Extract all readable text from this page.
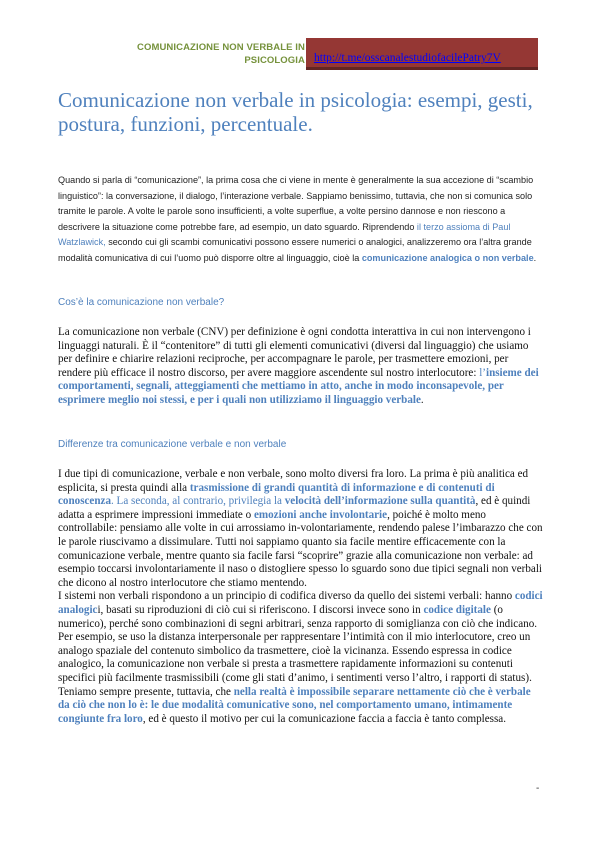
COMUNICAZIONE NON VERBALE IN
PSICOLOGIA http://t.me/osscanalestudiofacilePatry7V
Comunicazione non verbale in psicologia: esempi, gesti, postura, funzioni, percentuale.

Quando si parla di “comunicazione”, la prima cosa che ci viene in mente è generalmente la sua accezione di “scambio linguistico”: la conversazione, il dialogo, l’interazione verbale. Sappiamo benissimo, tuttavia, che non si comunica solo tramite le parole. A volte le parole sono insufficienti, a volte superflue, a volte persino dannose e non riescono a descrivere la situazione come potrebbe fare, ad esempio, un dato sguardo. Riprendendo il terzo assioma di Paul Watzlawick, secondo cui gli scambi comunicativi possono essere numerici o analogici, analizzeremo ora l’altra grande modalità comunicativa di cui l’uomo può disporre oltre al linguaggio, cioè la comunicazione analogica o non verbale.

Cos’è la comunicazione non verbale?

La comunicazione non verbale (CNV) per definizione è ogni condotta interattiva in cui non intervengono i linguaggi naturali. È il “contenitore” di tutti gli elementi comunicativi (diversi dal linguaggio) che usiamo per definire e chiarire relazioni reciproche, per accompagnare le parole, per trasmettere emozioni, per rendere più efficace il nostro discorso, per avere maggiore ascendente sul nostro interlocutore: l’insieme dei comportamenti, segnali, atteggiamenti che mettiamo in atto, anche in modo inconsapevole, per esprimere meglio noi stessi, e per i quali non utilizziamo il linguaggio verbale.

Differenze tra comunicazione verbale e non verbale
I due tipi di comunicazione, verbale e non verbale, sono molto diversi fra loro. La prima è più analitica ed esplicita, si presta quindi alla trasmissione di grandi quantità di informazione e di contenuti di conoscenza. La seconda, al contrario, privilegia la velocità dell’informazione sulla quantità, ed è quindi adatta a esprimere impressioni immediate o emozioni anche involontarie, poiché è molto meno controllabile: pensiamo alle volte in cui arrossiamo in-volontariamente, rendendo palese l’imbarazzo che con le parole riuscivamo a dissimulare. Tutti noi sappiamo quanto sia facile mentire efficacemente con la comunicazione verbale, mentre quanto sia facile farsi “scoprire” grazie alla comunicazione non verbale: ad esempio toccarsi involontariamente il naso o distogliere spesso lo sguardo sono due tipici segnali non verbali che dicono al nostro interlocutore che stiamo mentendo.
I sistemi non verbali rispondono a un principio di codifica diverso da quello dei sistemi verbali: hanno codici analogici, basati su riproduzioni di ciò cui si riferiscono. I discorsi invece sono in codice digitale (o numerico), perché sono combinazioni di segni arbitrari, senza rapporto di somiglianza con ciò che indicano. Per esempio, se uso la distanza interpersonale per rappresentare l’intimità con il mio interlocutore, creo un analogo spaziale del contenuto simbolico da trasmettere, cioè la vicinanza. Essendo espressa in codice analogico, la comunicazione non verbale si presta a trasmettere rapidamente informazioni su contenuti specifici più facilmente trasmissibili (come gli stati d’animo, i sentimenti verso l’altro, i rapporti di status). Teniamo sempre presente, tuttavia, che nella realtà è impossibile separare nettamente ciò che è verbale da ciò che non lo è: le due modalità comunicative sono, nel comportamento umano, intimamente congiunte fra loro, ed è questo il motivo per cui la comunicazione faccia a faccia è tanto complessa.
-
